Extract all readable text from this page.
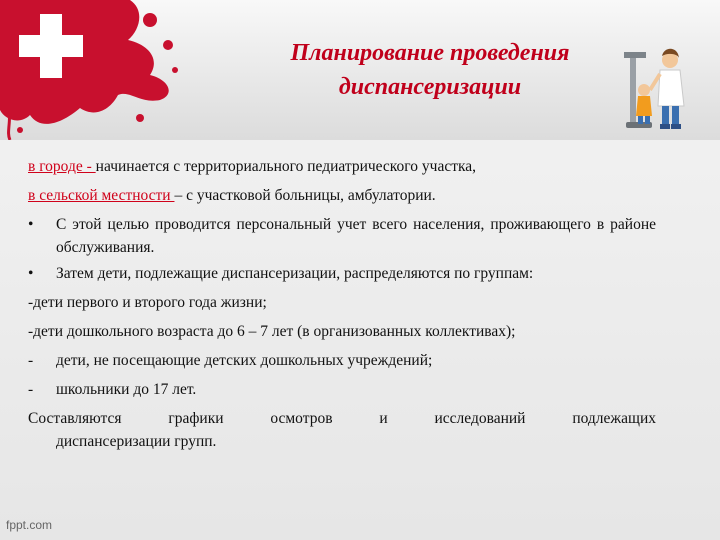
Планирование проведения
диспансеризации
в городе - начинается с территориального педиатрического участка,
в сельской местности – с участковой больницы, амбулатории.
•	С этой целью проводится персональный учет всего населения, проживающего в районе обслуживания.
•	Затем дети, подлежащие диспансеризации, распределяются по группам:
-дети первого и второго года жизни;
-дети дошкольного возраста до 6 – 7 лет (в организованных коллективах);
-	дети, не посещающие детских дошкольных учреждений;
-	школьники до 17 лет.
Составляются графики осмотров и исследований подлежащих
диспансеризации групп.
fppt.com
